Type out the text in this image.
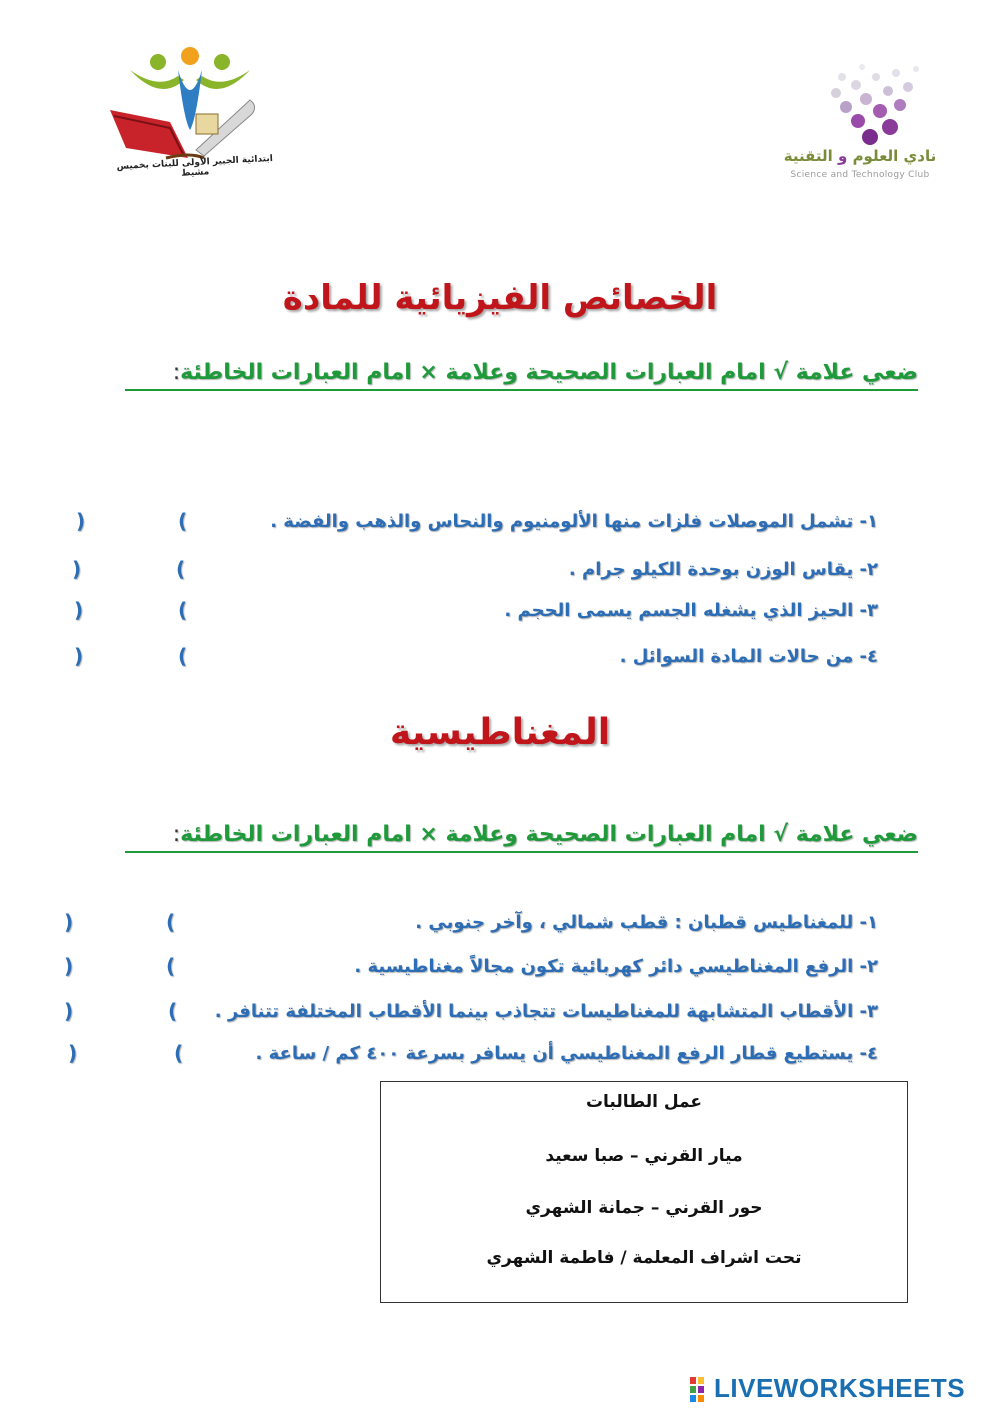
ابتدائية الجبير الأولى للبنات بخميس مشيط
نادي العلوم و التقنية
Science and Technology Club
الخصائص الفيزيائية للمادة
ضعي علامة √ امام العبارات الصحيحة وعلامة × امام العبارات الخاطئة:
١- تشمل الموصلات فلزات منها الألومنيوم والنحاس والذهب والفضة .
(
)
٢- يقاس الوزن بوحدة الكيلو جرام .
(
)
٣- الحيز الذي يشغله الجسم يسمى الحجم .
(
)
٤- من حالات المادة السوائل .
(
)
المغناطيسية
ضعي علامة √ امام العبارات الصحيحة وعلامة × امام العبارات الخاطئة:
١- للمغناطيس قطبان : قطب شمالي ، وآخر جنوبي .
(
)
٢- الرفع المغناطيسي دائر كهربائية تكون مجالاً مغناطيسية .
(
)
٣- الأقطاب المتشابهة للمغناطيسات تتجاذب بينما الأقطاب المختلفة تتنافر .
(
)
٤- يستطيع قطار الرفع المغناطيسي أن يسافر بسرعة ٤٠٠ كم / ساعة .
(
)
عمل الطالبات
ميار القرني – صبا سعيد
حور القرني – جمانة الشهري
تحت اشراف المعلمة / فاطمة الشهري
LIVEWORKSHEETS
